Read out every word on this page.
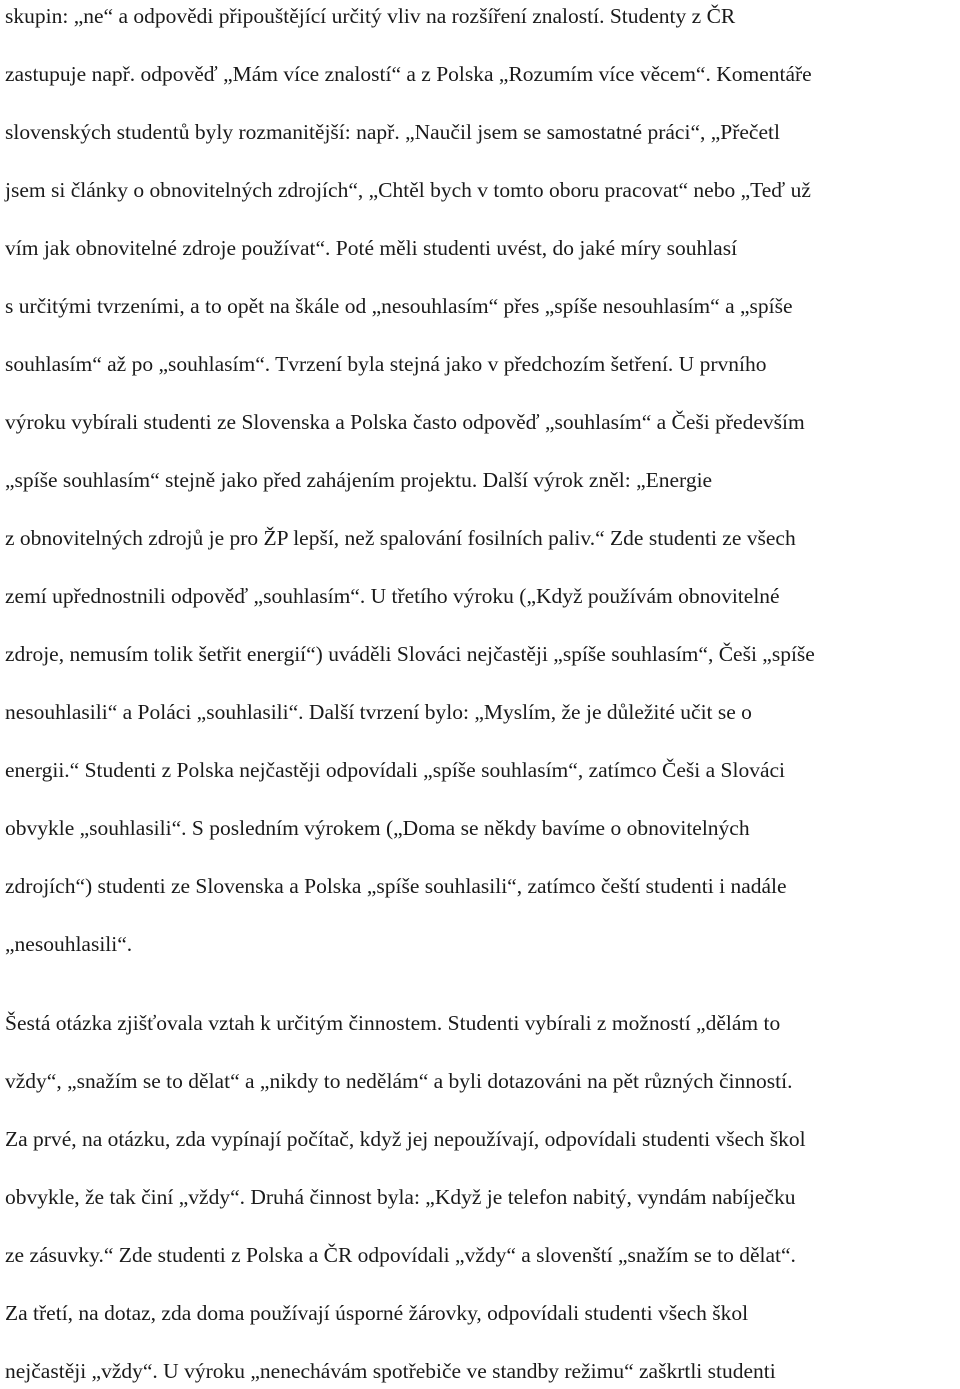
skupin: „ne“ a odpovědi připouštějící určitý vliv na rozšíření znalostí. Studenty z ČR
zastupuje např. odpověď „Mám více znalostí“ a z Polska „Rozumím více věcem“. Komentáře
slovenských studentů byly rozmanitější: např. „Naučil jsem se samostatné práci“, „Přečetl
jsem si články o obnovitelných zdrojích“, „Chtěl bych v tomto oboru pracovat“ nebo „Teď už
vím jak obnovitelné zdroje používat“. Poté měli studenti uvést, do jaké míry souhlasí
s určitými tvrzeními, a to opět na škále od „nesouhlasím“ přes „spíše nesouhlasím“ a „spíše
souhlasím“ až po „souhlasím“. Tvrzení byla stejná jako v předchozím šetření. U prvního
výroku vybírali studenti ze Slovenska a Polska často odpověď „souhlasím“ a Češi především
„spíše souhlasím“ stejně jako před zahájením projektu. Další výrok zněl: „Energie
z obnovitelných zdrojů je pro ŽP lepší, než spalování fosilních paliv.“ Zde studenti ze všech
zemí upřednostnili odpověď „souhlasím“. U třetího výroku („Když používám obnovitelné
zdroje, nemusím tolik šetřit energií“) uváděli Slováci nejčastěji „spíše souhlasím“, Češi „spíše
nesouhlasili“ a Poláci „souhlasili“. Další tvrzení bylo: „Myslím, že je důležité učit se o
energii.“ Studenti z Polska nejčastěji odpovídali „spíše souhlasím“, zatímco Češi a Slováci
obvykle „souhlasili“. S posledním výrokem („Doma se někdy bavíme o obnovitelných
zdrojích“) studenti ze Slovenska a Polska „spíše souhlasili“, zatímco čeští studenti i nadále
„nesouhlasili“.
Šestá otázka zjišťovala vztah k určitým činnostem. Studenti vybírali z možností „dělám to
vždy“, „snažím se to dělat“ a „nikdy to nedělám“ a byli dotazováni na pět různých činností.
Za prvé, na otázku, zda vypínají počítač, když jej nepoužívají, odpovídali studenti všech škol
obvykle, že tak činí „vždy“. Druhá činnost byla: „Když je telefon nabitý, vyndám nabíječku
ze zásuvky.“ Zde studenti z Polska a ČR odpovídali „vždy“ a slovenští „snažím se to dělat“.
Za třetí, na dotaz, zda doma používají úsporné žárovky, odpovídali studenti všech škol
nejčastěji „vždy“. U výroku „nenechávám spotřebiče ve standby režimu“ zaškrtli studenti
